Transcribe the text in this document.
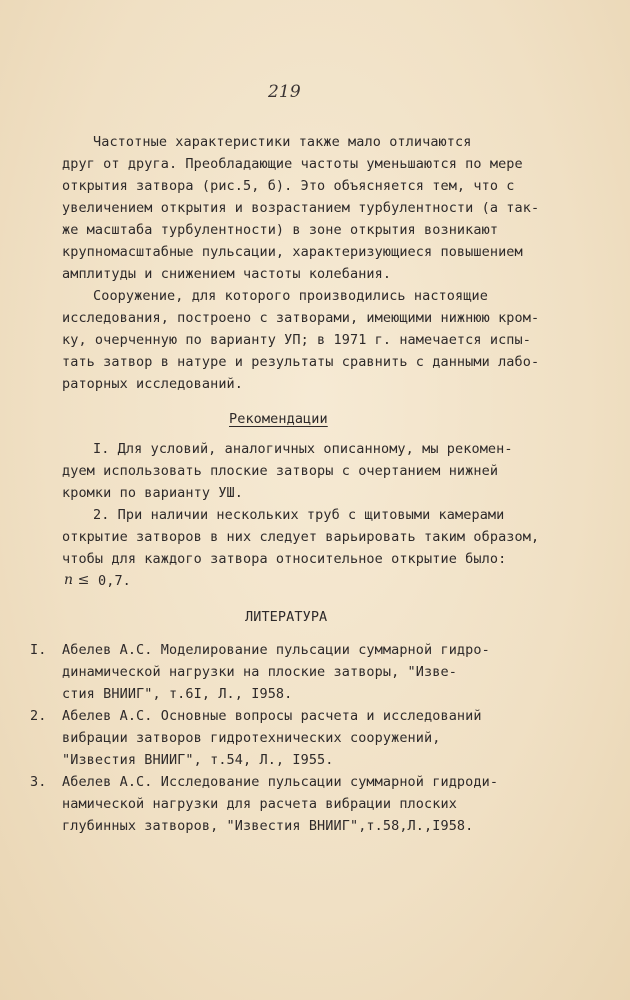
219
Частотные характеристики также мало отличаются
друг от друга. Преобладающие частоты уменьшаются по мере
открытия затвора (рис.5, б). Это объясняется тем, что с
увеличением открытия и возрастанием турбулентности (а так-
же масштаба турбулентности) в зоне открытия возникают
крупномасштабные пульсации, характеризующиеся повышением
амплитуды и снижением частоты колебания.
Сооружение, для которого производились настоящие
исследования, построено с затворами, имеющими нижнюю кром-
ку, очерченную по варианту УП; в 1971 г. намечается испы-
тать затвор в натуре и результаты сравнить с данными лабо-
раторных исследований.
Рекомендации
I. Для условий, аналогичных описанному, мы рекомен-
дуем использовать плоские затворы с очертанием нижней
кромки по варианту УШ.
2. При наличии нескольких труб с щитовыми камерами
открытие затворов в них следует варьировать таким образом,
чтобы для каждого затвора относительное открытие было:
n ≤ 0,7.
ЛИТЕРАТУРА
I. Абелев А.С. Моделирование пульсации суммарной гидро-
динамической нагрузки на плоские затворы, "Изве-
стия ВНИИГ", т.6I, Л., I958.
2. Абелев А.С. Основные вопросы расчета и исследований
вибрации затворов гидротехнических сооружений,
"Известия ВНИИГ", т.54, Л., I955.
3. Абелев А.С. Исследование пульсации суммарной гидроди-
намической нагрузки для расчета вибрации плоских
глубинных затворов, "Известия ВНИИГ",т.58,Л.,I958.
